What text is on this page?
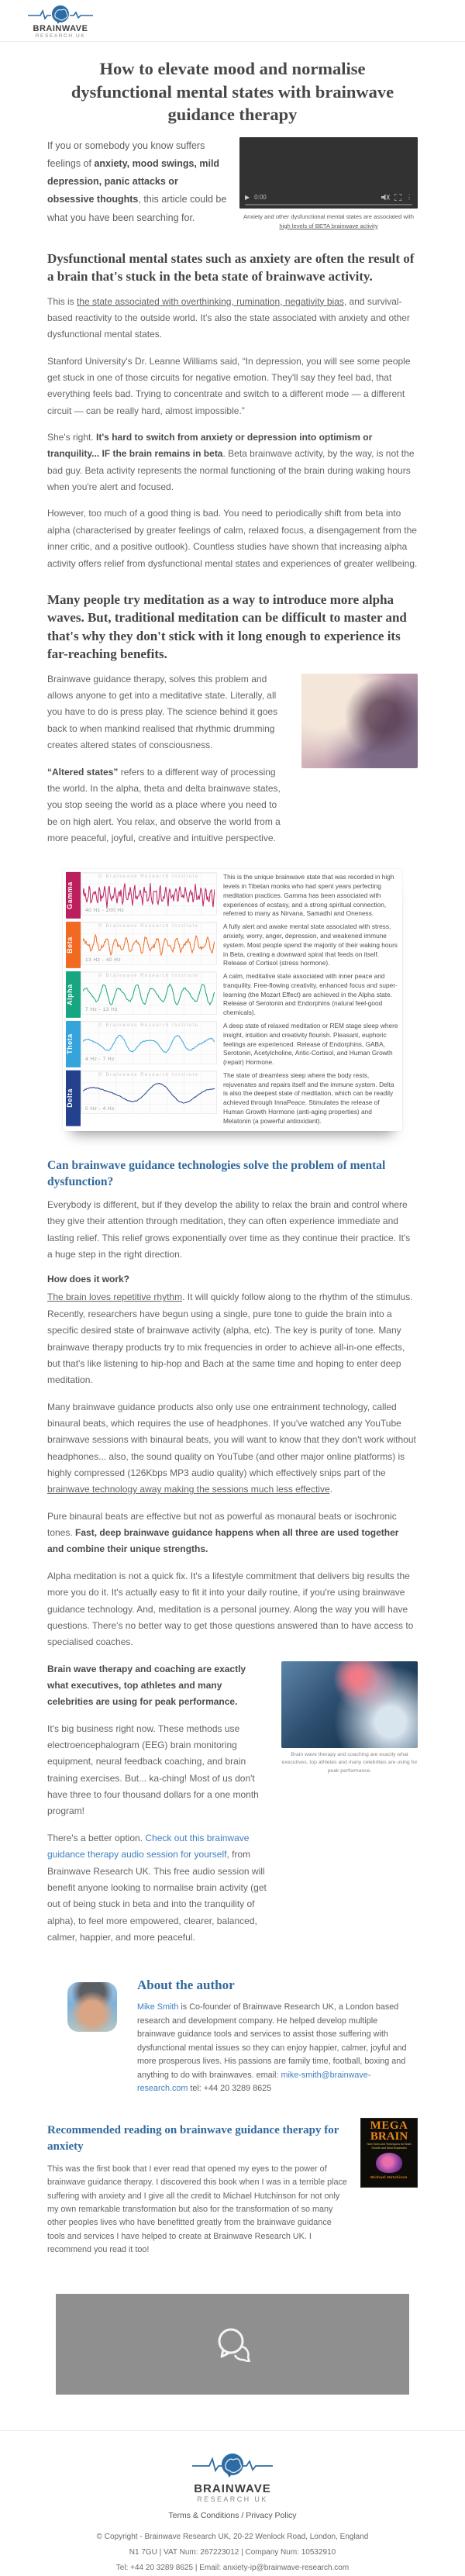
BRAINWAVE
RESEARCH UK
How to elevate mood and normalise dysfunctional mental states with brainwave guidance therapy

If you or somebody you know suffers feelings of anxiety, mood swings, mild depression, panic attacks or obsessive thoughts, this article could be what you have been searching for.

▶ 0:00	⋮
Anxiety and other dysfunctional mental states are associated with high levels of BETA brainwave activity
Dysfunctional mental states such as anxiety are often the result of a brain that's stuck in the beta state of brainwave activity.

This is the state associated with overthinking, rumination, negativity bias, and survival-based reactivity to the outside world. It's also the state associated with anxiety and other dysfunctional mental states.

Stanford University's Dr. Leanne Williams said, “In depression, you will see some people get stuck in one of those circuits for negative emotion. They'll say they feel bad, that everything feels bad. Trying to concentrate and switch to a different mode — a different circuit — can be really hard, almost impossible.”

She's right. It's hard to switch from anxiety or depression into optimism or tranquility... IF the brain remains in beta. Beta brainwave activity, by the way, is not the bad guy. Beta activity represents the normal functioning of the brain during waking hours when you're alert and focused.

However, too much of a good thing is bad. You need to periodically shift from beta into alpha (characterised by greater feelings of calm, relaxed focus, a disengagement from the inner critic, and a positive outlook). Countless studies have shown that increasing alpha activity offers relief from dysfunctional mental states and experiences of greater wellbeing.

Many people try meditation as a way to introduce more alpha waves. But, traditional meditation can be difficult to master and that's why they don't stick with it long enough to experience its far-reaching benefits.

Brainwave guidance therapy, solves this problem and allows anyone to get into a meditative state. Literally, all you have to do is press play. The science behind it goes back to when mankind realised that rhythmic drumming creates altered states of consciousness.

“Altered states” refers to a different way of processing the world. In the alpha, theta and delta brainwave states, you stop seeing the world as a place where you need to be on high alert. You relax, and observe the world from a more peaceful, joyful, creative and intuitive perspective.

Gamma
© Brainwave Research Institute
40 Hz - 200 Hz
This is the unique brainwave state that was recorded in high levels in Tibetan monks who had spent years perfecting meditation practices. Gamma has been associated with experiences of ecstasy, and a strong spiritual connection, referred to many as Nirvana, Samadhi and Oneness.
Beta
© Brainwave Research Institute
13 Hz - 40 Hz
A fully alert and awake mental state associated with stress, anxiety, worry, anger, depression, and weakened immune system. Most people spend the majority of their waking hours in Beta, creating a downward spiral that feeds on itself. Release of Cortisol (stress hormone).
Alpha
© Brainwave Research Institute
7 Hz - 13 Hz
A calm, meditative state associated with inner peace and tranquility. Free-flowing creativity, enhanced focus and super-learning (the Mozart Effect) are achieved in the Alpha state. Release of Serotonin and Endorphins (natural feel-good chemicals).
Theta
© Brainwave Research Institute
4 Hz - 7 Hz
A deep state of relaxed meditation or REM stage sleep where insight, intuition and creativity flourish. Pleasant, euphoric feelings are experienced. Release of Endorphins, GABA, Serotonin, Acetylcholine, Antic-Cortisol, and Human Growth (repair) Hormone.
Delta
© Brainwave Research Institute
0 Hz - 4 Hz
The state of dreamless sleep where the body rests, rejuvenates and repairs itself and the immune system. Delta is also the deepest state of meditation, which can be readily achieved through InnaPeace. Stimulates the release of Human Growth Hormone (anti-aging properties) and Melatonin (a powerful antioxidant).
Can brainwave guidance technologies solve the problem of mental dysfunction?

Everybody is different, but if they develop the ability to relax the brain and control where they give their attention through meditation, they can often experience immediate and lasting relief. This relief grows exponentially over time as they continue their practice. It's a huge step in the right direction.

How does it work?

The brain loves repetitive rhythm. It will quickly follow along to the rhythm of the stimulus. Recently, researchers have begun using a single, pure tone to guide the brain into a specific desired state of brainwave activity (alpha, etc). The key is purity of tone. Many brainwave therapy products try to mix frequencies in order to achieve all-in-one effects, but that's like listening to hip-hop and Bach at the same time and hoping to enter deep meditation.

Many brainwave guidance products also only use one entrainment technology, called binaural beats, which requires the use of headphones. If you've watched any YouTube brainwave sessions with binaural beats, you will want to know that they don't work without headphones... also, the sound quality on YouTube (and other major online platforms) is highly compressed (126Kbps MP3 audio quality) which effectively snips part of the brainwave technology away making the sessions much less effective.

Pure binaural beats are effective but not as powerful as monaural beats or isochronic tones. Fast, deep brainwave guidance happens when all three are used together and combine their unique strengths.

Alpha meditation is not a quick fix. It's a lifestyle commitment that delivers big results the more you do it. It's actually easy to fit it into your daily routine, if you're using brainwave guidance technology. And, meditation is a personal journey. Along the way you will have questions. There's no better way to get those questions answered than to have access to specialised coaches.

Brain wave therapy and coaching are exactly what executives, top athletes and many celebrities are using for peak performance.

It's big business right now. These methods use electroencephalogram (EEG) brain monitoring equipment, neural feedback coaching, and brain training exercises. But... ka-ching! Most of us don't have three to four thousand dollars for a one month program!

There's a better option. Check out this brainwave guidance therapy audio session for yourself, from Brainwave Research UK. This free audio session will benefit anyone looking to normalise brain activity (get out of being stuck in beta and into the tranquility of alpha), to feel more empowered, clearer, balanced, calmer, happier, and more peaceful.

Brain wave therapy and coaching are exactly what executives, top athletes and many celebrities are using for peak performance.
About the author

Mike Smith is Co-founder of Brainwave Research UK, a London based research and development company. He helped develop multiple brainwave guidance tools and services to assist those suffering with dysfunctional mental issues so they can enjoy happier, calmer, joyful and more prosperous lives. His passions are family time, football, boxing and anything to do with brainwaves. email: mike-smith@brainwave-research.com tel: +44 20 3289 8625

Recommended reading on brainwave guidance therapy for anxiety

This was the first book that I ever read that opened my eyes to the power of brainwave guidance therapy. I discovered this book when I was in a terrible place suffering with anxiety and I give all the credit to Michael Hutchinson for not only my own remarkable transformation but also for the transformation of so many other peoples lives who have benefitted greatly from the brainwave guidance tools and services I have helped to create at Brainwave Research UK. I recommend you read it too!

MEGA
BRAIN
New Tools and Techniques for Brain Growth and Mind Expansion
Michael Hutchison
BRAINWAVE
RESEARCH UK
Terms & Conditions / Privacy Policy
© Copyright - Brainwave Research UK, 20-22 Wenlock Road, London, England
N1 7GU | VAT Num: 267223012 | Company Num: 10532910
Tel: +44 20 3289 8625 | Email: anxiety-ip@brainwave-research.com
